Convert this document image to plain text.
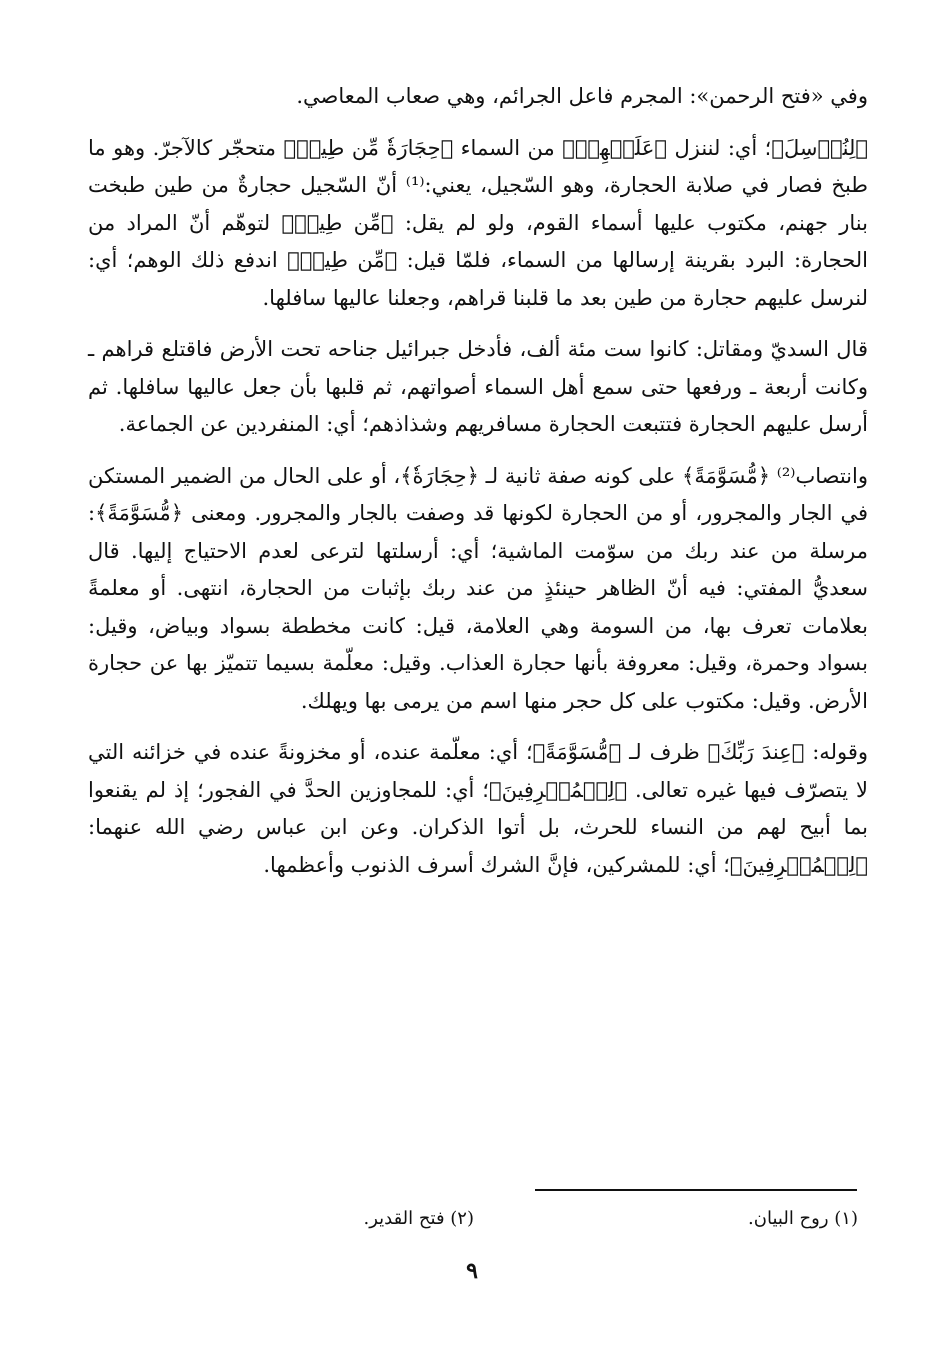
وفي «فتح الرحمن»: المجرم فاعل الجرائم، وهي صعاب المعاصي.

﴿لِنُرۡسِلَ﴾؛ أي: لننزل ﴿عَلَيۡهِمۡ﴾ من السماء ﴿حِجَارَةٗ مِّن طِينٖ﴾ متحجّر كالآجرّ. وهو ما طبخ فصار في صلابة الحجارة، وهو السّجيل، يعني:⁽¹⁾ أنّ السّجيل حجارةٌ من طين طبخت بنار جهنم، مكتوب عليها أسماء القوم، ولو لم يقل: ﴿مِّن طِينٖ﴾ لتوهّم أنّ المراد من الحجارة: البرد بقرينة إرسالها من السماء، فلمّا قيل: ﴿مِّن طِينٖ﴾ اندفع ذلك الوهم؛ أي: لنرسل عليهم حجارة من طين بعد ما قلبنا قراهم، وجعلنا عاليها سافلها.

قال السديّ ومقاتل: كانوا ست مئة ألف، فأدخل جبرائيل جناحه تحت الأرض فاقتلع قراهم ـ وكانت أربعة ـ ورفعها حتى سمع أهل السماء أصواتهم، ثم قلبها بأن جعل عاليها سافلها. ثم أرسل عليهم الحجارة فتتبعت الحجارة مسافريهم وشذاذهم؛ أي: المنفردين عن الجماعة.

وانتصاب⁽²⁾ ﴿مُّسَوَّمَةً﴾ على كونه صفة ثانية لـ ﴿حِجَارَةٗ﴾، أو على الحال من الضمير المستكن في الجار والمجرور، أو من الحجارة لكونها قد وصفت بالجار والمجرور. ومعنى ﴿مُّسَوَّمَةً﴾: مرسلة من عند ربك من سوّمت الماشية؛ أي: أرسلتها لترعى لعدم الاحتياج إليها. قال سعديُّ المفتي: فيه أنّ الظاهر حينئذٍ من عند ربك بإثبات من الحجارة، انتهى. أو معلمةً بعلامات تعرف بها، من السومة وهي العلامة، قيل: كانت مخططة بسواد وبياض، وقيل: بسواد وحمرة، وقيل: معروفة بأنها حجارة العذاب. وقيل: معلّمة بسيما تتميّز بها عن حجارة الأرض. وقيل: مكتوب على كل حجر منها اسم من يرمى بها ويهلك.

وقوله: ﴿عِندَ رَبِّكَ﴾ ظرف لـ ﴿مُّسَوَّمَةً﴾؛ أي: معلّمة عنده، أو مخزونةً عنده في خزائنه التي لا يتصرّف فيها غيره تعالى. ﴿لِلۡمُسۡرِفِينَ﴾؛ أي: للمجاوزين الحدَّ في الفجور؛ إذ لم يقنعوا بما أبيح لهم من النساء للحرث، بل أتوا الذكران. وعن ابن عباس رضي الله عنهما: ﴿لِلۡمُسۡرِفِينَ﴾؛ أي: للمشركين، فإنَّ الشرك أسرف الذنوب وأعظمها.

(١) روح البيان.
(٢) فتح القدير.
٩
